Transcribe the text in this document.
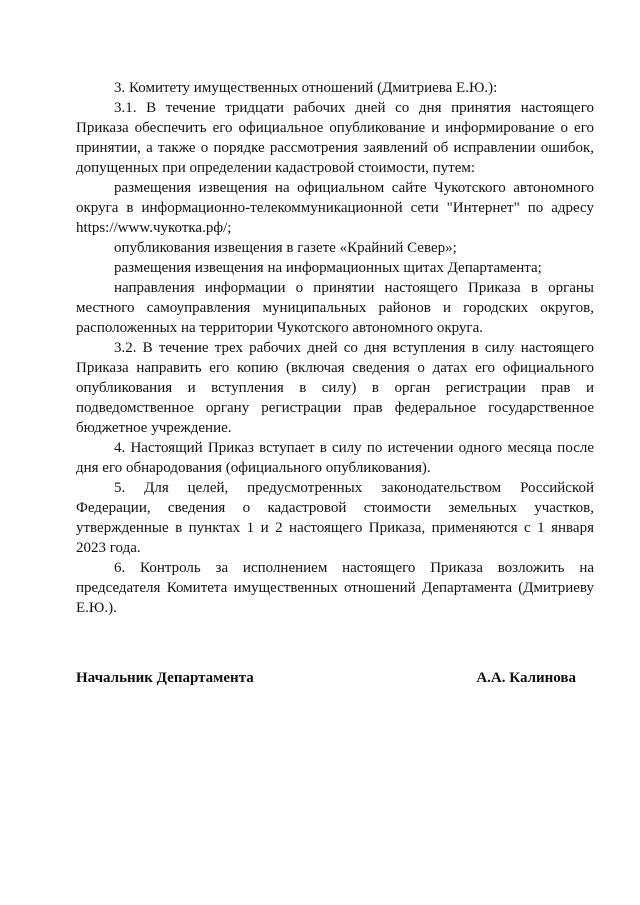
3. Комитету имущественных отношений (Дмитриева Е.Ю.):

3.1. В течение тридцати рабочих дней со дня принятия настоящего Приказа обеспечить его официальное опубликование и информирование о его принятии, а также о порядке рассмотрения заявлений об исправлении ошибок, допущенных при определении кадастровой стоимости, путем:

размещения извещения на официальном сайте Чукотского автономного округа в информационно-телекоммуникационной сети "Интернет" по адресу https://www.чукотка.рф/;

опубликования извещения в газете «Крайний Север»;

размещения извещения на информационных щитах Департамента;

направления информации о принятии настоящего Приказа в органы местного самоуправления муниципальных районов и городских округов, расположенных на территории Чукотского автономного округа.

3.2. В течение трех рабочих дней со дня вступления в силу настоящего Приказа направить его копию (включая сведения о датах его официального опубликования и вступления в силу) в орган регистрации прав и подведомственное органу регистрации прав федеральное государственное бюджетное учреждение.

4. Настоящий Приказ вступает в силу по истечении одного месяца после дня его обнародования (официального опубликования).

5. Для целей, предусмотренных законодательством Российской Федерации, сведения о кадастровой стоимости земельных участков, утвержденные в пунктах 1 и 2 настоящего Приказа, применяются с 1 января 2023 года.

6. Контроль за исполнением настоящего Приказа возложить на председателя Комитета имущественных отношений Департамента (Дмитриеву Е.Ю.).

Начальник Департамента	А.А. Калинова
